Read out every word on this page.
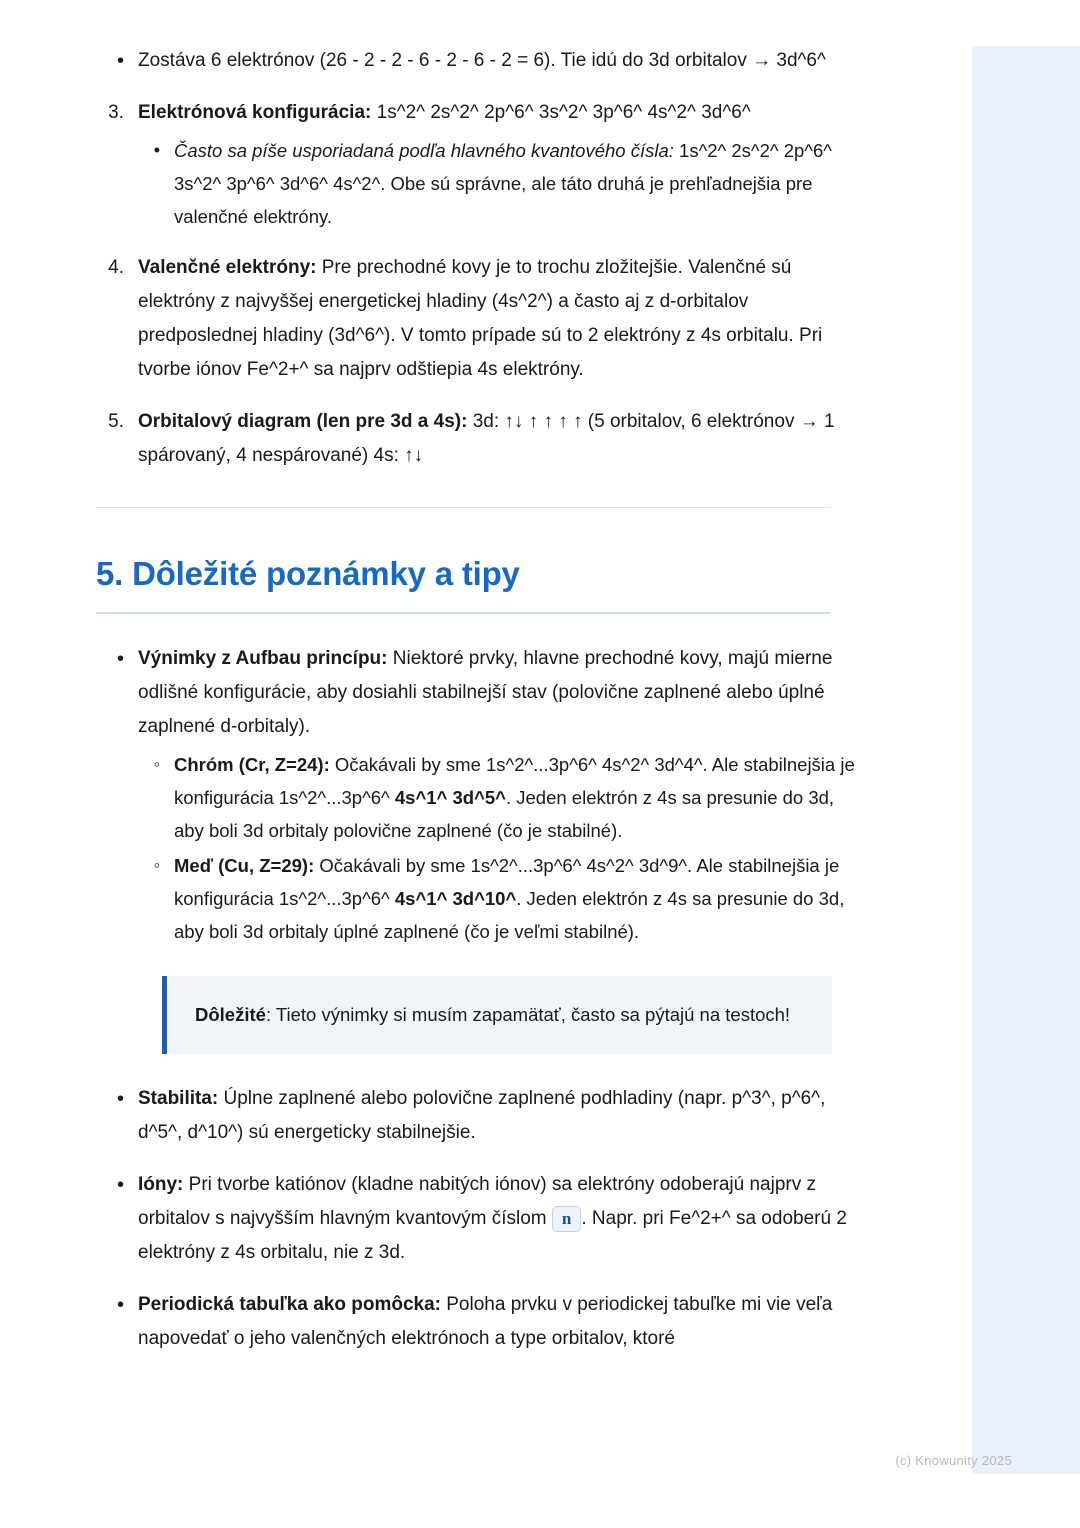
• Zostáva 6 elektrónov (26 - 2 - 2 - 6 - 2 - 6 - 2 = 6). Tie idú do 3d orbitalov → 3d^6^
3. Elektrónová konfigurácia: 1s^2^ 2s^2^ 2p^6^ 3s^2^ 3p^6^ 4s^2^ 3d^6^
• Často sa píše usporiadaná podľa hlavného kvantového čísla: 1s^2^ 2s^2^ 2p^6^ 3s^2^ 3p^6^ 3d^6^ 4s^2^. Obe sú správne, ale táto druhá je prehľadnejšia pre valenčné elektróny.
4. Valenčné elektróny: Pre prechodné kovy je to trochu zložitejšie. Valenčné sú elektróny z najvyššej energetickej hladiny (4s^2^) a často aj z d-orbitalov predposlednej hladiny (3d^6^). V tomto prípade sú to 2 elektróny z 4s orbitalu. Pri tvorbe iónov Fe^2+^ sa najprv odštiepia 4s elektróny.
5. Orbitalový diagram (len pre 3d a 4s): 3d: ↑↓ ↑ ↑ ↑ ↑ (5 orbitalov, 6 elektrónov → 1 spárovaný, 4 nespárované) 4s: ↑↓
5. Dôležité poznámky a tipy
• Výnimky z Aufbau princípu: Niektoré prvky, hlavne prechodné kovy, majú mierne odlišné konfigurácie, aby dosiahli stabilnejší stav (polovične zaplnené alebo úplné zaplnené d-orbitaly).
◦ Chróm (Cr, Z=24): Očakávali by sme 1s^2^...3p^6^ 4s^2^ 3d^4^. Ale stabilnejšia je konfigurácia 1s^2^...3p^6^ 4s^1^ 3d^5^. Jeden elektrón z 4s sa presunie do 3d, aby boli 3d orbitaly polovične zaplnené (čo je stabilné).
◦ Meď (Cu, Z=29): Očakávali by sme 1s^2^...3p^6^ 4s^2^ 3d^9^. Ale stabilnejšia je konfigurácia 1s^2^...3p^6^ 4s^1^ 3d^10^. Jeden elektrón z 4s sa presunie do 3d, aby boli 3d orbitaly úplné zaplnené (čo je veľmi stabilné).
Dôležité: Tieto výnimky si musím zapamätať, často sa pýtajú na testoch!
• Stabilita: Úplne zaplnené alebo polovične zaplnené podhladiny (napr. p^3^, p^6^, d^5^, d^10^) sú energeticky stabilnejšie.
• Ióny: Pri tvorbe katiónov (kladne nabitých iónov) sa elektróny odoberajú najprv z orbitalov s najvyšším hlavným kvantovým číslom n . Napr. pri Fe^2+^ sa odoberú 2 elektróny z 4s orbitalu, nie z 3d.
• Periodická tabuľka ako pomôcka: Poloha prvku v periodickej tabuľke mi vie veľa napovedať o jeho valenčných elektrónoch a type orbitalov, ktoré
(c) Knowunity 2025
